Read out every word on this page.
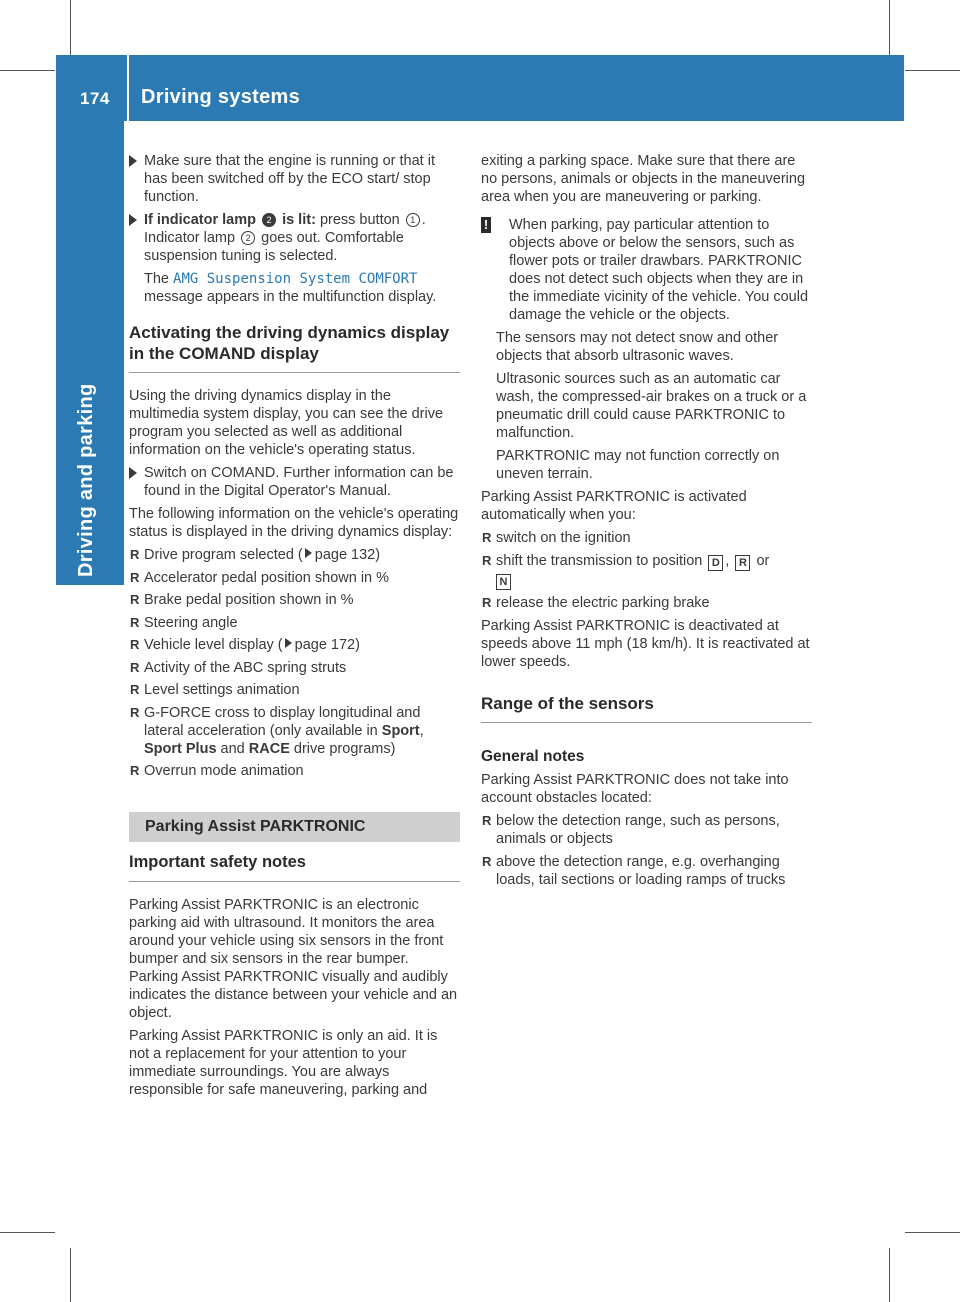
174	Driving systems
Driving and parking
Make sure that the engine is running or that it has been switched off by the ECO start/ stop function.
If indicator lamp 2 is lit: press button 1 . Indicator lamp 2 goes out. Comfortable suspension tuning is selected.

The AMG Suspension System COMFORT message appears in the multifunction display.

Activating the driving dynamics display in the COMAND display

Using the driving dynamics display in the multimedia system display, you can see the drive program you selected as well as additional information on the vehicle's operating status.

Switch on COMAND. Further information can be found in the Digital Operator's Manual.

The following information on the vehicle's operating status is displayed in the driving dynamics display:

R Drive program selected ( page 132)
R Accelerator pedal position shown in %
R Brake pedal position shown in %
R Steering angle
R Vehicle level display ( page 172)
R Activity of the ABC spring struts
R Level settings animation
R G-FORCE cross to display longitudinal and lateral acceleration (only available in Sport, Sport Plus and RACE drive programs)
R Overrun mode animation
Parking Assist PARKTRONIC
Important safety notes

Parking Assist PARKTRONIC is an electronic parking aid with ultrasound. It monitors the area around your vehicle using six sensors in the front bumper and six sensors in the rear bumper. Parking Assist PARKTRONIC visually and audibly indicates the distance between your vehicle and an object.

Parking Assist PARKTRONIC is only an aid. It is not a replacement for your attention to your immediate surroundings. You are always responsible for safe maneuvering, parking and

exiting a parking space. Make sure that there are no persons, animals or objects in the maneuvering area when you are maneuvering or parking.

! When parking, pay particular attention to objects above or below the sensors, such as flower pots or trailer drawbars. PARKTRONIC does not detect such objects when they are in the immediate vicinity of the vehicle. You could damage the vehicle or the objects.

The sensors may not detect snow and other objects that absorb ultrasonic waves.

Ultrasonic sources such as an automatic car wash, the compressed-air brakes on a truck or a pneumatic drill could cause PARKTRONIC to malfunction.

PARKTRONIC may not function correctly on uneven terrain.

Parking Assist PARKTRONIC is activated automatically when you:

R switch on the ignition
R shift the transmission to position D , R or
N
R release the electric parking brake

Parking Assist PARKTRONIC is deactivated at speeds above 11 mph (18 km/h). It is reactivated at lower speeds.

Range of the sensors
General notes

Parking Assist PARKTRONIC does not take into account obstacles located:

R below the detection range, such as persons, animals or objects
R above the detection range, e.g. overhanging loads, tail sections or loading ramps of trucks
